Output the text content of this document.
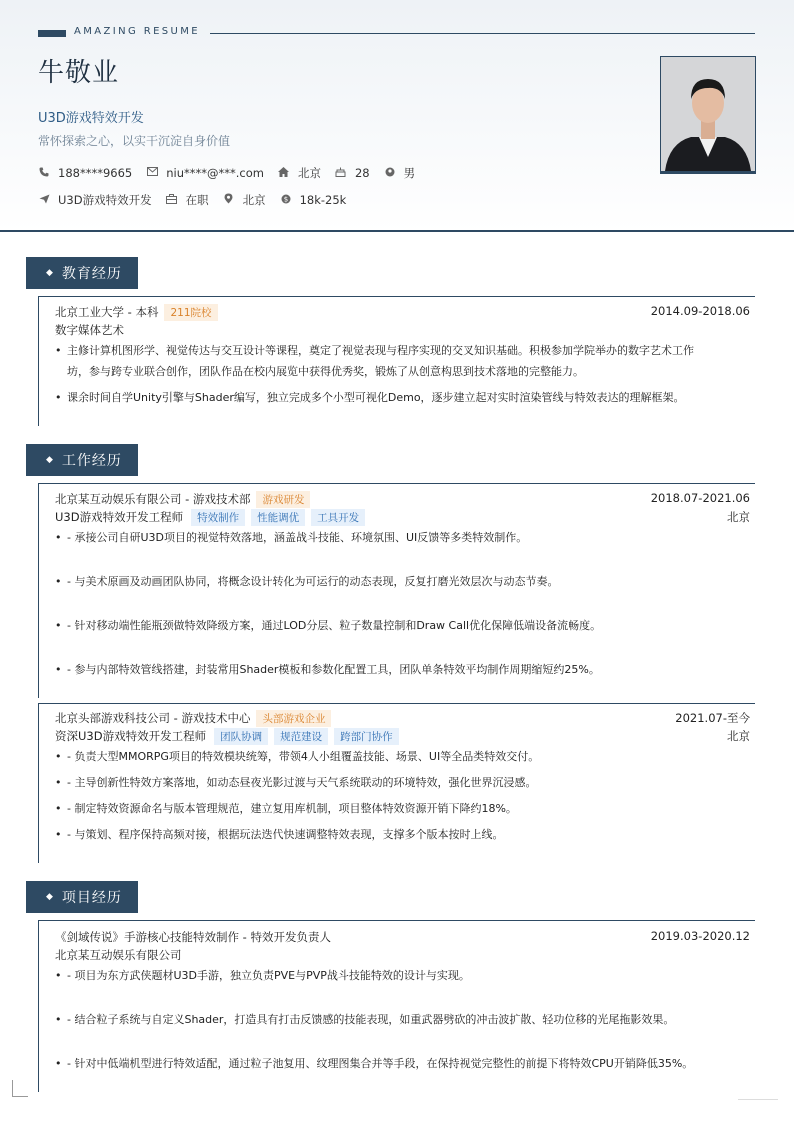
AMAZING RESUME
牛敬业
U3D游戏特效开发
常怀探索之心，以实干沉淀自身价值
188****9665	niu****@***.com	北京	28	男
U3D游戏特效开发	在职	北京	$ 18k-25k
◆ 教育经历
北京工业大学 - 本科 211院校	2014.09-2018.06
数字媒体艺术
• 主修计算机图形学、视觉传达与交互设计等课程，奠定了视觉表现与程序实现的交叉知识基础。积极参加学院举办的数字艺术工作
坊，参与跨专业联合创作，团队作品在校内展览中获得优秀奖，锻炼了从创意构思到技术落地的完整能力。
• 课余时间自学Unity引擎与Shader编写，独立完成多个小型可视化Demo，逐步建立起对实时渲染管线与特效表达的理解框架。
◆ 工作经历
北京某互动娱乐有限公司 - 游戏技术部 游戏研发	2018.07-2021.06
U3D游戏特效开发工程师 特效制作 性能调优 工具开发	北京
• - 承接公司自研U3D项目的视觉特效落地，涵盖战斗技能、环境氛围、UI反馈等多类特效制作。
• - 与美术原画及动画团队协同，将概念设计转化为可运行的动态表现，反复打磨光效层次与动态节奏。
• - 针对移动端性能瓶颈做特效降级方案，通过LOD分层、粒子数量控制和Draw Call优化保障低端设备流畅度。
• - 参与内部特效管线搭建，封装常用Shader模板和参数化配置工具，团队单条特效平均制作周期缩短约25%。
北京头部游戏科技公司 - 游戏技术中心 头部游戏企业	2021.07-至今
资深U3D游戏特效开发工程师 团队协调 规范建设 跨部门协作	北京
• - 负责大型MMORPG项目的特效模块统筹，带领4人小组覆盖技能、场景、UI等全品类特效交付。
• - 主导创新性特效方案落地，如动态昼夜光影过渡与天气系统联动的环境特效，强化世界沉浸感。
• - 制定特效资源命名与版本管理规范，建立复用库机制，项目整体特效资源开销下降约18%。
• - 与策划、程序保持高频对接，根据玩法迭代快速调整特效表现，支撑多个版本按时上线。
◆ 项目经历
《剑域传说》手游核心技能特效制作 - 特效开发负责人	2019.03-2020.12
北京某互动娱乐有限公司
• - 项目为东方武侠题材U3D手游，独立负责PVE与PVP战斗技能特效的设计与实现。
• - 结合粒子系统与自定义Shader，打造具有打击反馈感的技能表现，如重武器劈砍的冲击波扩散、轻功位移的光尾拖影效果。
• - 针对中低端机型进行特效适配，通过粒子池复用、纹理图集合并等手段，在保持视觉完整性的前提下将特效CPU开销降低35%。
